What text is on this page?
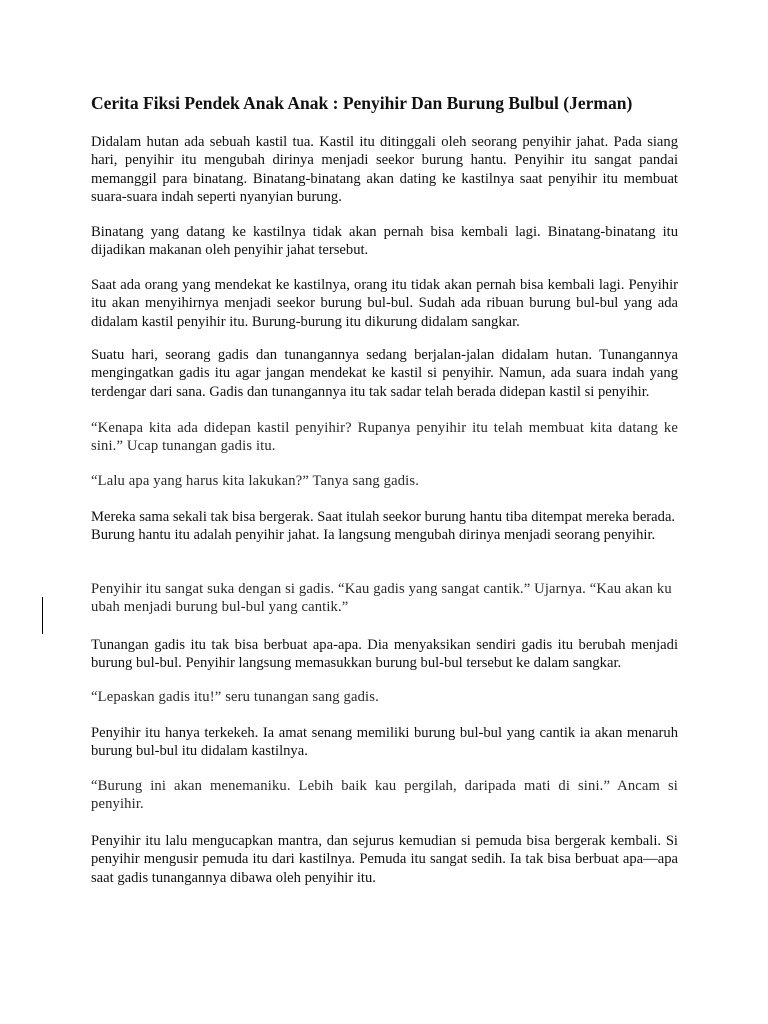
Cerita Fiksi Pendek Anak Anak : Penyihir Dan Burung Bulbul (Jerman)

Didalam hutan ada sebuah kastil tua. Kastil itu ditinggali oleh seorang penyihir jahat. Pada siang hari, penyihir itu mengubah dirinya menjadi seekor burung hantu. Penyihir itu sangat pandai memanggil para binatang. Binatang-binatang akan dating ke kastilnya saat penyihir itu membuat suara-suara indah seperti nyanyian burung.

Binatang yang datang ke kastilnya tidak akan pernah bisa kembali lagi. Binatang-binatang itu dijadikan makanan oleh penyihir jahat tersebut.

Saat ada orang yang mendekat ke kastilnya, orang itu tidak akan pernah bisa kembali lagi. Penyihir itu akan menyihirnya menjadi seekor burung bul-bul. Sudah ada ribuan burung bul-bul yang ada didalam kastil penyihir itu. Burung-burung itu dikurung didalam sangkar.

Suatu hari, seorang gadis dan tunangannya sedang berjalan-jalan didalam hutan. Tunangannya mengingatkan gadis itu agar jangan mendekat ke kastil si penyihir. Namun, ada suara indah yang terdengar dari sana. Gadis dan tunangannya itu tak sadar telah berada didepan kastil si penyihir.

“Kenapa kita ada didepan kastil penyihir? Rupanya penyihir itu telah membuat kita datang ke sini.” Ucap tunangan gadis itu.

“Lalu apa yang harus kita lakukan?” Tanya sang gadis.

Mereka sama sekali tak bisa bergerak. Saat itulah seekor burung hantu tiba ditempat mereka berada. Burung hantu itu adalah penyihir jahat. Ia langsung mengubah dirinya menjadi seorang penyihir.

Penyihir itu sangat suka dengan si gadis. “Kau gadis yang sangat cantik.” Ujarnya. “Kau akan ku ubah menjadi burung bul-bul yang cantik.”

Tunangan gadis itu tak bisa berbuat apa-apa. Dia menyaksikan sendiri gadis itu berubah menjadi burung bul-bul. Penyihir langsung memasukkan burung bul-bul tersebut ke dalam sangkar.

“Lepaskan gadis itu!” seru tunangan sang gadis.

Penyihir itu hanya terkekeh. Ia amat senang memiliki burung bul-bul yang cantik ia akan menaruh burung bul-bul itu didalam kastilnya.

“Burung ini akan menemaniku. Lebih baik kau pergilah, daripada mati di sini.” Ancam si penyihir.

Penyihir itu lalu mengucapkan mantra, dan sejurus kemudian si pemuda bisa bergerak kembali. Si penyihir mengusir pemuda itu dari kastilnya. Pemuda itu sangat sedih. Ia tak bisa berbuat apa—apa saat gadis tunangannya dibawa oleh penyihir itu.
